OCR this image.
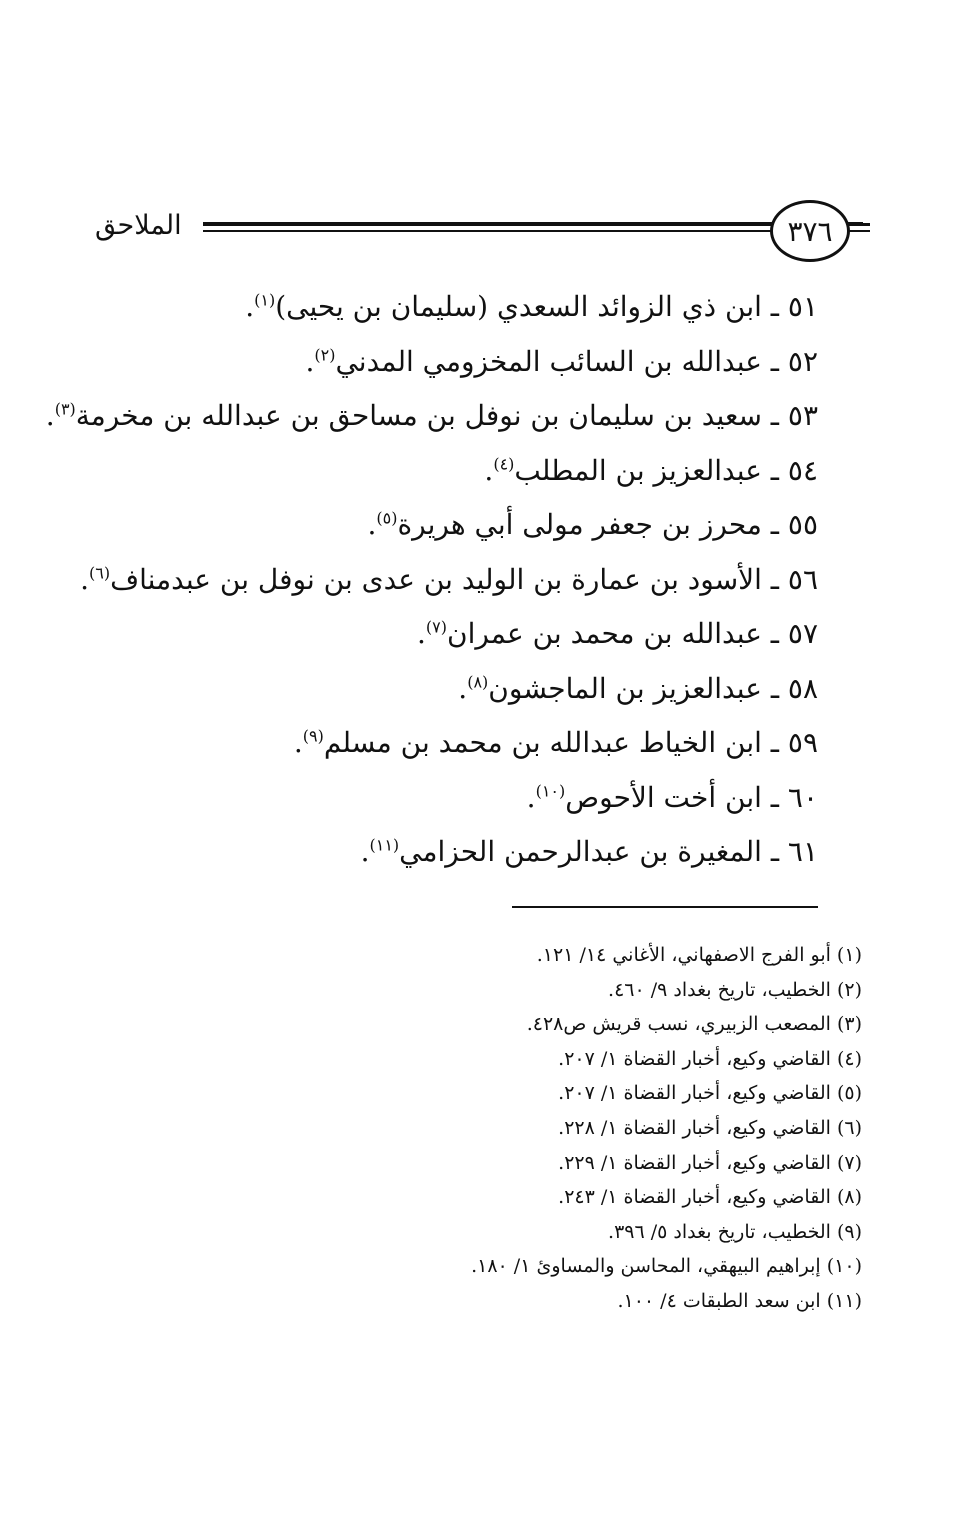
الملاحق	٣٧٦
٥١ ـ ابن ذي الزوائد السعدي (سليمان بن يحيى)$^{(١)}$.
٥٢ ـ عبدالله بن السائب المخزومي المدني$^{(٢)}$.
٥٣ ـ سعيد بن سليمان بن نوفل بن مساحق بن عبدالله بن مخرمة$^{(٣)}$.
٥٤ ـ عبدالعزيز بن المطلب$^{(٤)}$.
٥٥ ـ محرز بن جعفر مولى أبي هريرة$^{(٥)}$.
٥٦ ـ الأسود بن عمارة بن الوليد بن عدى بن نوفل بن عبدمناف$^{(٦)}$.
٥٧ ـ عبدالله بن محمد بن عمران$^{(٧)}$.
٥٨ ـ عبدالعزيز بن الماجشون$^{(٨)}$.
٥٩ ـ ابن الخياط عبدالله بن محمد بن مسلم$^{(٩)}$.
٦٠ ـ ابن أخت الأحوص$^{(١٠)}$.
٦١ ـ المغيرة بن عبدالرحمن الحزامي$^{(١١)}$.
(١) أبو الفرج الاصفهاني، الأغاني ١٤/ ١٢١.
(٢) الخطيب، تاريخ بغداد ٩/ ٤٦٠.
(٣) المصعب الزبيري، نسب قريش ص٤٢٨.
(٤) القاضي وكيع، أخبار القضاة ١/ ٢٠٧.
(٥) القاضي وكيع، أخبار القضاة ١/ ٢٠٧.
(٦) القاضي وكيع، أخبار القضاة ١/ ٢٢٨.
(٧) القاضي وكيع، أخبار القضاة ١/ ٢٢٩.
(٨) القاضي وكيع، أخبار القضاة ١/ ٢٤٣.
(٩) الخطيب، تاريخ بغداد ٥/ ٣٩٦.
(١٠) إبراهيم البيهقي، المحاسن والمساوئ ١/ ١٨٠.
(١١) ابن سعد الطبقات ٤/ ١٠٠.
